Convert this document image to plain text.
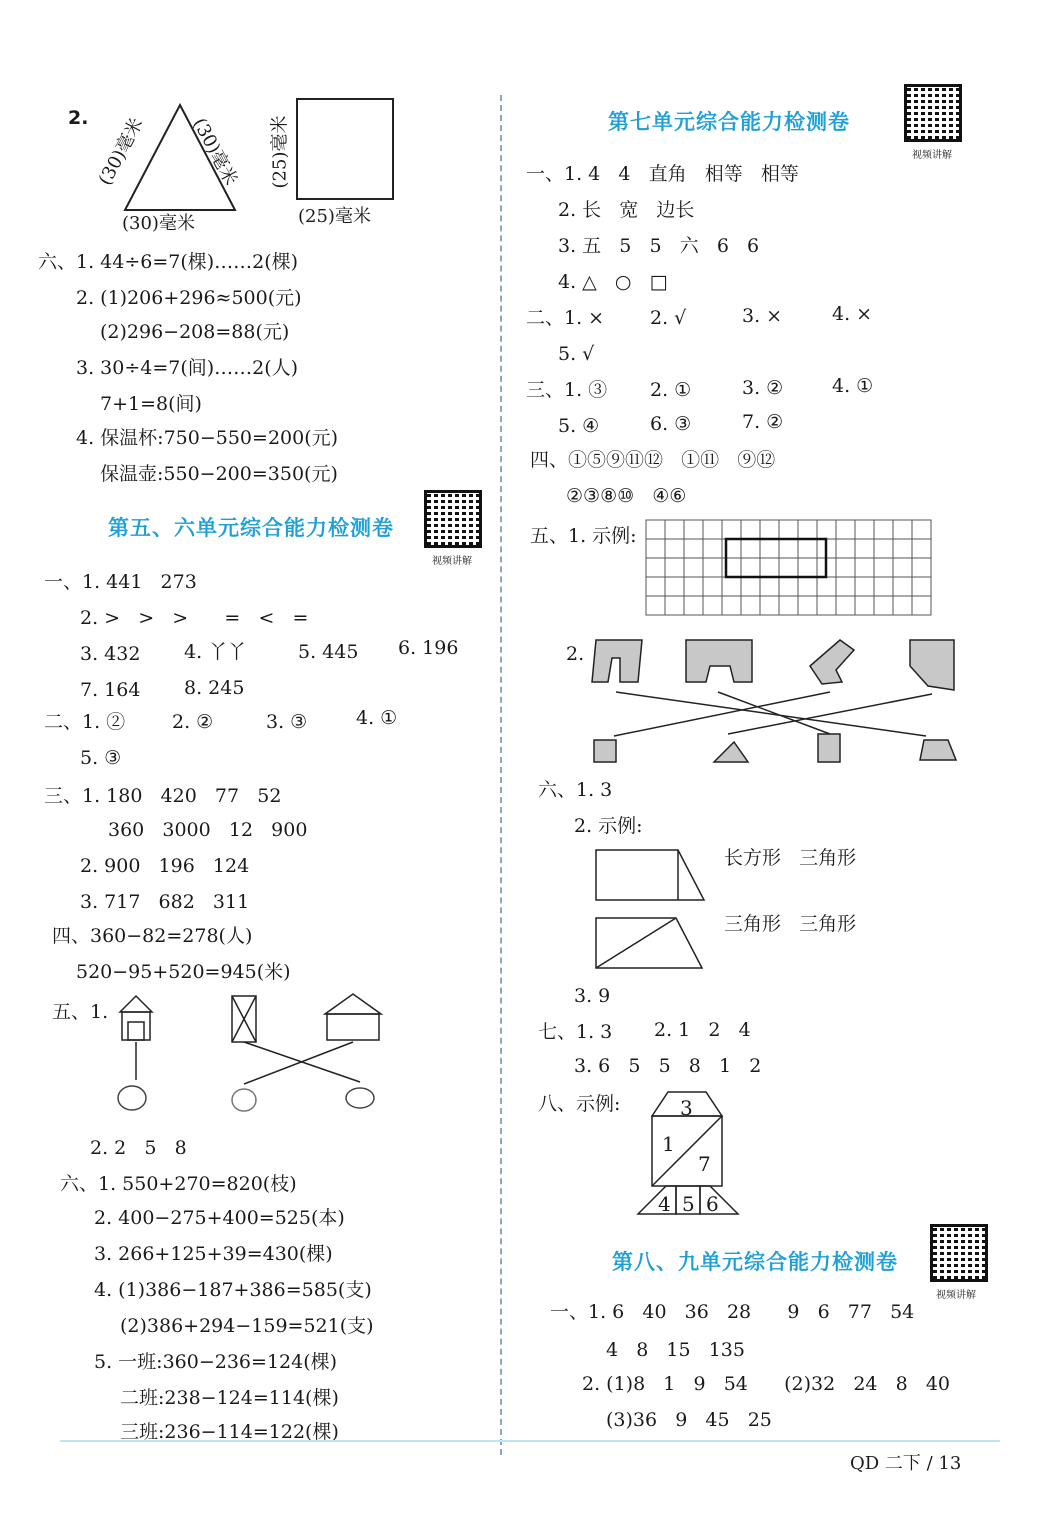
2. (30)毫米 (30)毫米
(30)毫米
(25)毫米
(25)毫米
六、1. 44÷6=7(棵)……2(棵)
2. (1)206+296≈500(元)
(2)296−208=88(元)
3. 30÷4=7(间)……2(人)
7+1=8(间)
4. 保温杯:750−550=200(元)
保温壶:550−200=350(元)
第五、六单元综合能力检测卷
视频讲解
一、1. 441   273
2. >   >   >      =   <   =
3. 432 4. 丫丫	5. 445 6. 196
7. 164 8. 245
二、1. ② 2. ②	3. ③	4. ①
5. ③
三、1. 180   420   77   52
360   3000   12   900
2. 900   196   124
3. 717   682   311
四、360−82=278(人)
520−95+520=945(米)
五、1.
2. 2   5   8
六、1. 550+270=820(枝)
2. 400−275+400=525(本)
3. 266+125+39=430(棵)
4. (1)386−187+386=585(支)
(2)386+294−159=521(支)
5. 一班:360−236=124(棵)
二班:238−124=114(棵)
三班:236−114=122(棵)
第七单元综合能力检测卷
视频讲解
一、1. 4   4   直角   相等   相等
2. 长   宽   边长
3. 五   5   5   六   6   6
4. △   ○   □
二、1. × 2. √	3. ×	4. ×
5. √
三、1. ③ 2. ①	3. ②	4. ①
5. ④	6. ③	7. ②
四、①⑤⑨⑪⑫   ①⑪   ⑨⑫
②③⑧⑩   ④⑥
五、1. 示例:
2.
六、1. 3
2. 示例:
长方形   三角形
三角形   三角形
3. 9
七、1. 3 2. 1   2   4
3. 6   5   5   8   1   2
八、示例:	3
1
7
4 5 6
第八、九单元综合能力检测卷
视频讲解
一、1. 6   40   36   28      9   6   77   54
4   8   15   135
2. (1)8   1   9   54      (2)32   24   8   40
(3)36   9   45   25
QD 二下 / 13
